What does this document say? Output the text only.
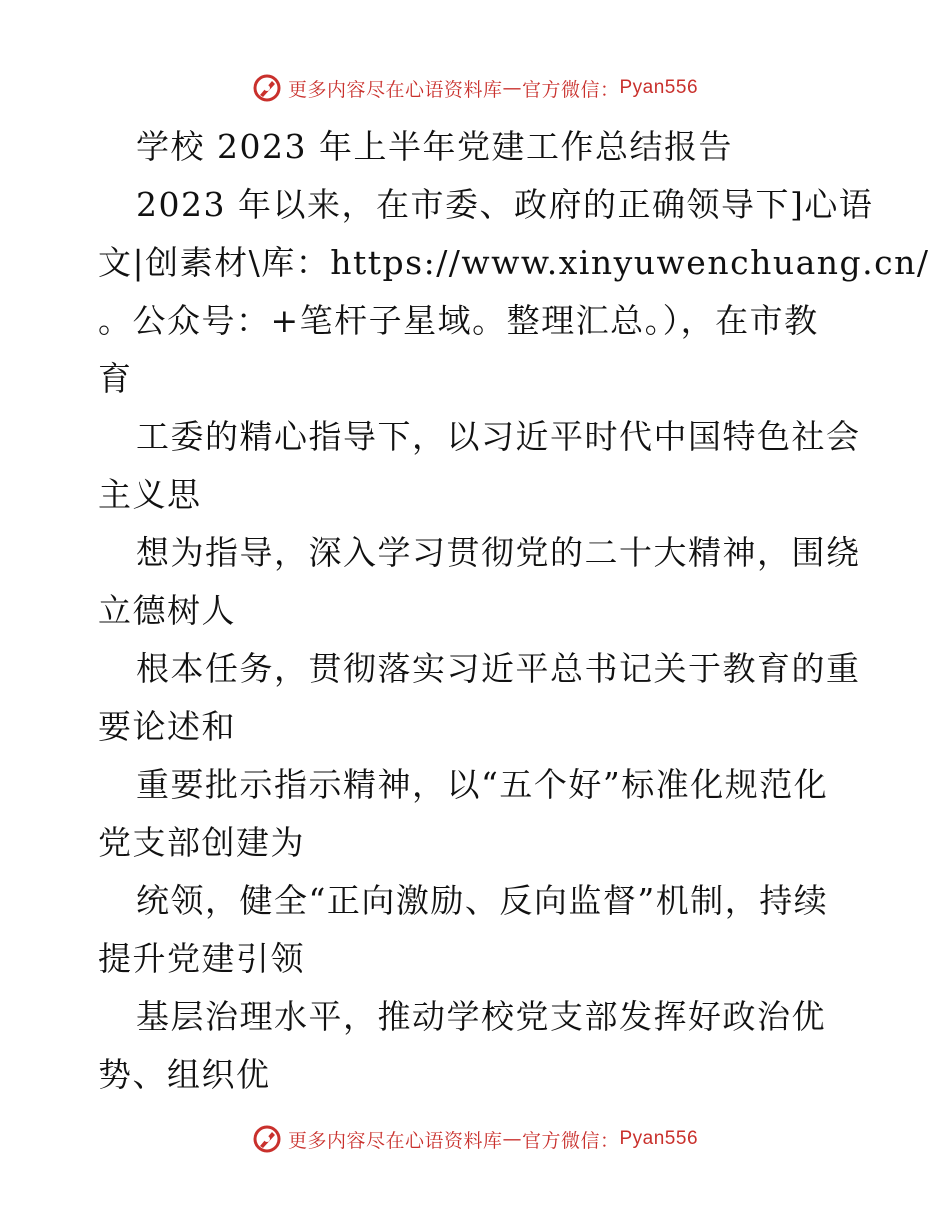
更多内容尽在心语资料库 — 官方微信： Pyan556

学校 2023 年上半年党建工作总结报告

2023 年以来，在市委、政府的正确领导下]心语

文|创素材\库：https://www.xinyuwenchuang.cn/

。公众号：+笔杆子星域。整理汇总。），在市教

育

工委的精心指导下，以习近平时代中国特色社会

主义思

想为指导，深入学习贯彻党的二十大精神，围绕

立德树人

根本任务，贯彻落实习近平总书记关于教育的重

要论述和

重要批示指示精神，以“五个好”标准化规范化

党支部创建为

统领，健全“正向激励、反向监督”机制，持续

提升党建引领

基层治理水平，推动学校党支部发挥好政治优

势、组织优

更多内容尽在心语资料库 — 官方微信： Pyan556
